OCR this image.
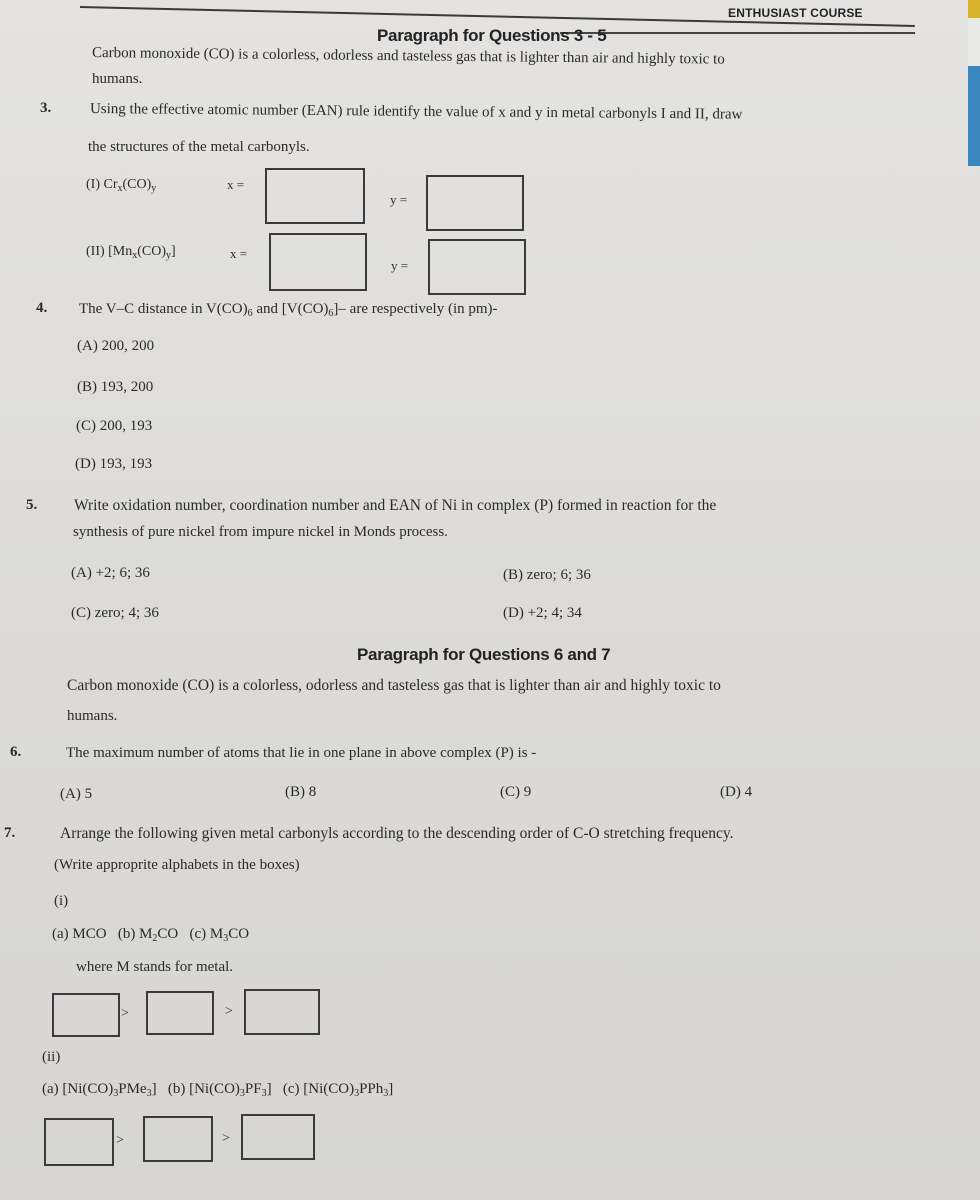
ENTHUSIAST COURSE
Paragraph for Questions 3 - 5
Carbon monoxide (CO) is a colorless, odorless and tasteless gas that is lighter than air and highly toxic to
humans.
3.	Using the effective atomic number (EAN) rule identify the value of x and y in metal carbonyls I and II, draw
the structures of the metal carbonyls.
(I) $Cr_x(CO)_y$	x =
y =
(II) $[Mn_x(CO)_y]$	x =
y =
4. The V–C distance in $V(CO)_6$ and $[V(CO)_6]-$ are respectively (in pm)-
(A) 200, 200
(B) 193, 200
(C) 200, 193
(D) 193, 193
5. Write oxidation number, coordination number and EAN of Ni in complex (P) formed in reaction for the
synthesis of pure nickel from impure nickel in Monds process.
(A) +2; 6; 36	(B) zero; 6; 36
(C) zero; 4; 36	(D) +2; 4; 34
Paragraph for Questions 6 and 7
Carbon monoxide (CO) is a colorless, odorless and tasteless gas that is lighter than air and highly toxic to
humans.
6.	The maximum number of atoms that lie in one plane in above complex (P) is -
(A) 5	(B) 8	(C) 9	(D) 4
7.	Arrange the following given metal carbonyls according to the descending order of C-O stretching frequency.
(Write approprite alphabets in the boxes)
(i)
(a) MCO (b) $M_2CO$ (c) $M_3CO$
where M stands for metal.
>	>
(ii)
(a) $[Ni(CO)_3PMe_3]$ (b) $[Ni(CO)_3PF_3]$ (c) $[Ni(CO)_3PPh_3]$
>	>
